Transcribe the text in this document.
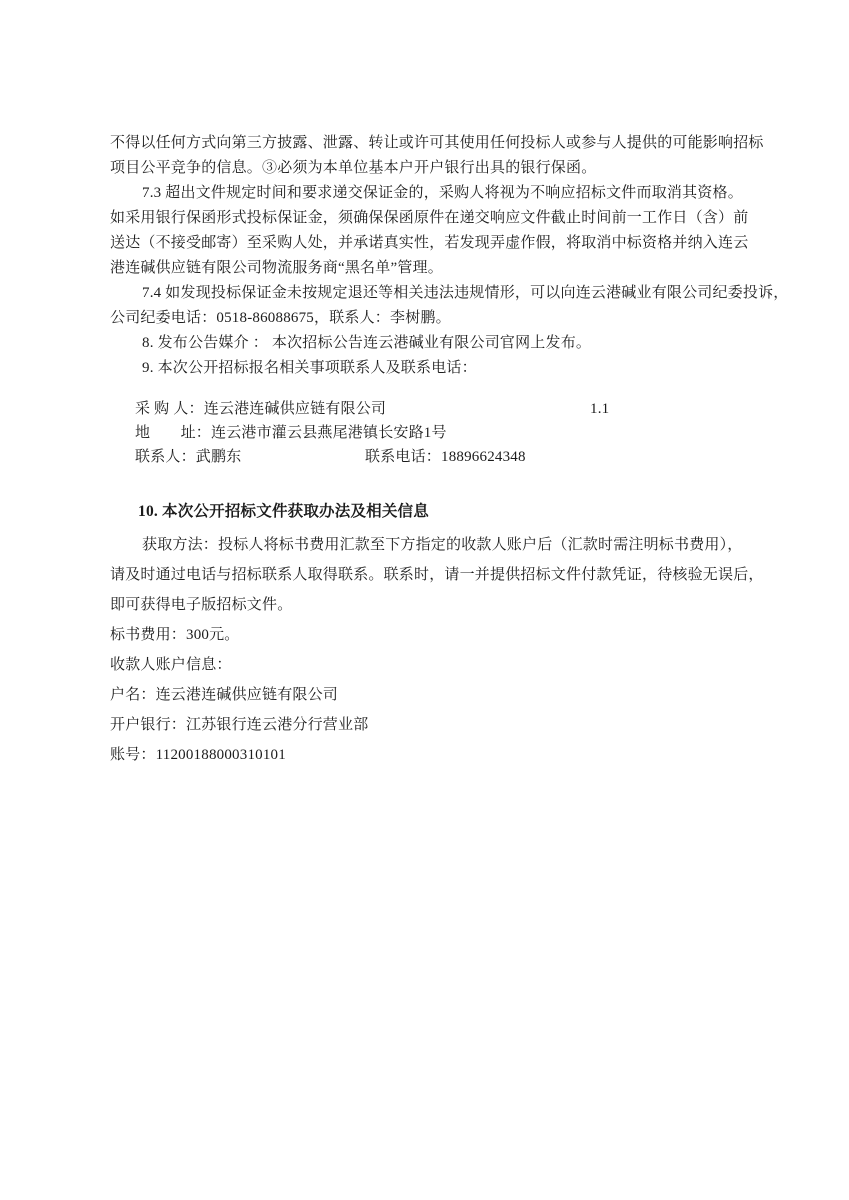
不得以任何方式向第三方披露、泄露、转让或许可其使用任何投标人或参与人提供的可能影响招标
项目公平竞争的信息。③必须为本单位基本户开户银行出具的银行保函。
7.3 超出文件规定时间和要求递交保证金的，采购人将视为不响应招标文件而取消其资格。
如采用银行保函形式投标保证金，须确保保函原件在递交响应文件截止时间前一工作日（含）前
送达（不接受邮寄）至采购人处，并承诺真实性，若发现弄虚作假，将取消中标资格并纳入连云
港连碱供应链有限公司物流服务商“黑名单”管理。
7.4 如发现投标保证金未按规定退还等相关违法违规情形，可以向连云港碱业有限公司纪委投诉，
公司纪委电话：0518-86088675，联系人：李树鹏。
8. 发布公告媒介 ： 本次招标公告连云港碱业有限公司官网上发布。
9. 本次公开招标报名相关事项联系人及联系电话：
采 购 人：连云港连碱供应链有限公司	1.1
地　　址：连云港市灌云县燕尾港镇长安路1号
联系人：武鹏东	联系电话：18896624348
10. 本次公开招标文件获取办法及相关信息
获取方法：投标人将标书费用汇款至下方指定的收款人账户后（汇款时需注明标书费用），
请及时通过电话与招标联系人取得联系。联系时，请一并提供招标文件付款凭证，待核验无误后，
即可获得电子版招标文件。
标书费用：300元。
收款人账户信息：
户名：连云港连碱供应链有限公司
开户银行：江苏银行连云港分行营业部
账号：11200188000310101
